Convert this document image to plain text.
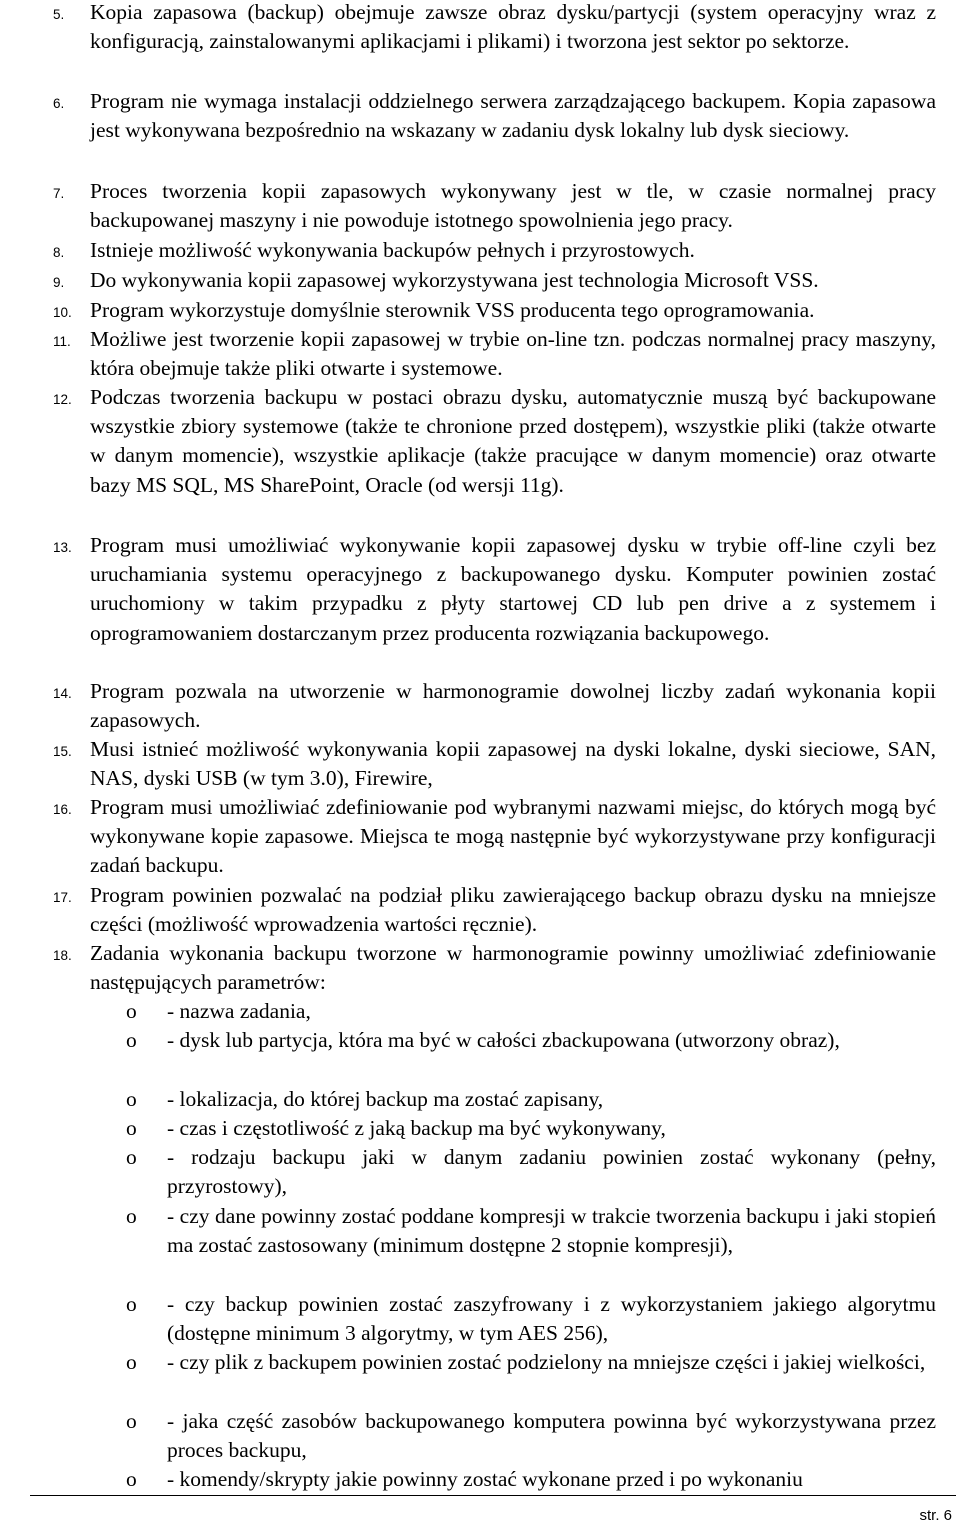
5. Kopia zapasowa (backup) obejmuje zawsze obraz dysku/partycji (system operacyjny wraz z konfiguracją, zainstalowanymi aplikacjami i plikami) i tworzona jest sektor po sektorze.
6. Program nie wymaga instalacji oddzielnego serwera zarządzającego backupem. Kopia zapasowa jest wykonywana bezpośrednio na wskazany w zadaniu dysk lokalny lub dysk sieciowy.
7. Proces tworzenia kopii zapasowych wykonywany jest w tle, w czasie normalnej pracy backupowanej maszyny i nie powoduje istotnego spowolnienia jego pracy.
8. Istnieje możliwość wykonywania backupów pełnych i przyrostowych.
9. Do wykonywania kopii zapasowej wykorzystywana jest technologia Microsoft VSS.
10. Program wykorzystuje domyślnie sterownik VSS producenta tego oprogramowania.
11. Możliwe jest tworzenie kopii zapasowej w trybie on-line tzn. podczas normalnej pracy maszyny, która obejmuje także pliki otwarte i systemowe.
12. Podczas tworzenia backupu w postaci obrazu dysku, automatycznie muszą być backupowane wszystkie zbiory systemowe (także te chronione przed dostępem), wszystkie pliki (także otwarte w danym momencie), wszystkie aplikacje (także pracujące w danym momencie) oraz otwarte bazy MS SQL, MS SharePoint, Oracle (od wersji 11g).
13. Program musi umożliwiać wykonywanie kopii zapasowej dysku w trybie off-line czyli bez uruchamiania systemu operacyjnego z backupowanego dysku. Komputer powinien zostać uruchomiony w takim przypadku z płyty startowej CD lub pen drive a z systemem i oprogramowaniem dostarczanym przez producenta rozwiązania backupowego.
14. Program pozwala na utworzenie w harmonogramie dowolnej liczby zadań wykonania kopii zapasowych.
15. Musi istnieć możliwość wykonywania kopii zapasowej na dyski lokalne, dyski sieciowe, SAN, NAS, dyski USB (w tym 3.0), Firewire,
16. Program musi umożliwiać zdefiniowanie pod wybranymi nazwami miejsc, do których mogą być wykonywane kopie zapasowe. Miejsca te mogą następnie być wykorzystywane przy konfiguracji zadań backupu.
17. Program powinien pozwalać na podział pliku zawierającego backup obrazu dysku na mniejsze części (możliwość wprowadzenia wartości ręcznie).
18. Zadania wykonania backupu tworzone w harmonogramie powinny umożliwiać zdefiniowanie następujących parametrów:
o - nazwa zadania,
o - dysk lub partycja, która ma być w całości zbackupowana (utworzony obraz),
o - lokalizacja, do której backup ma zostać zapisany,
o - czas i częstotliwość z jaką backup ma być wykonywany,
o - rodzaju backupu jaki w danym zadaniu powinien zostać wykonany (pełny, przyrostowy),
o - czy dane powinny zostać poddane kompresji w trakcie tworzenia backupu i jaki stopień ma zostać zastosowany (minimum dostępne 2 stopnie kompresji),
o - czy backup powinien zostać zaszyfrowany i z wykorzystaniem jakiego algorytmu (dostępne minimum 3 algorytmy, w tym AES 256),
o - czy plik z backupem powinien zostać podzielony na mniejsze części i jakiej wielkości,
o - jaka część zasobów backupowanego komputera powinna być wykorzystywana przez proces backupu,
o - komendy/skrypty jakie powinny zostać wykonane przed i po wykonaniu
str. 6
